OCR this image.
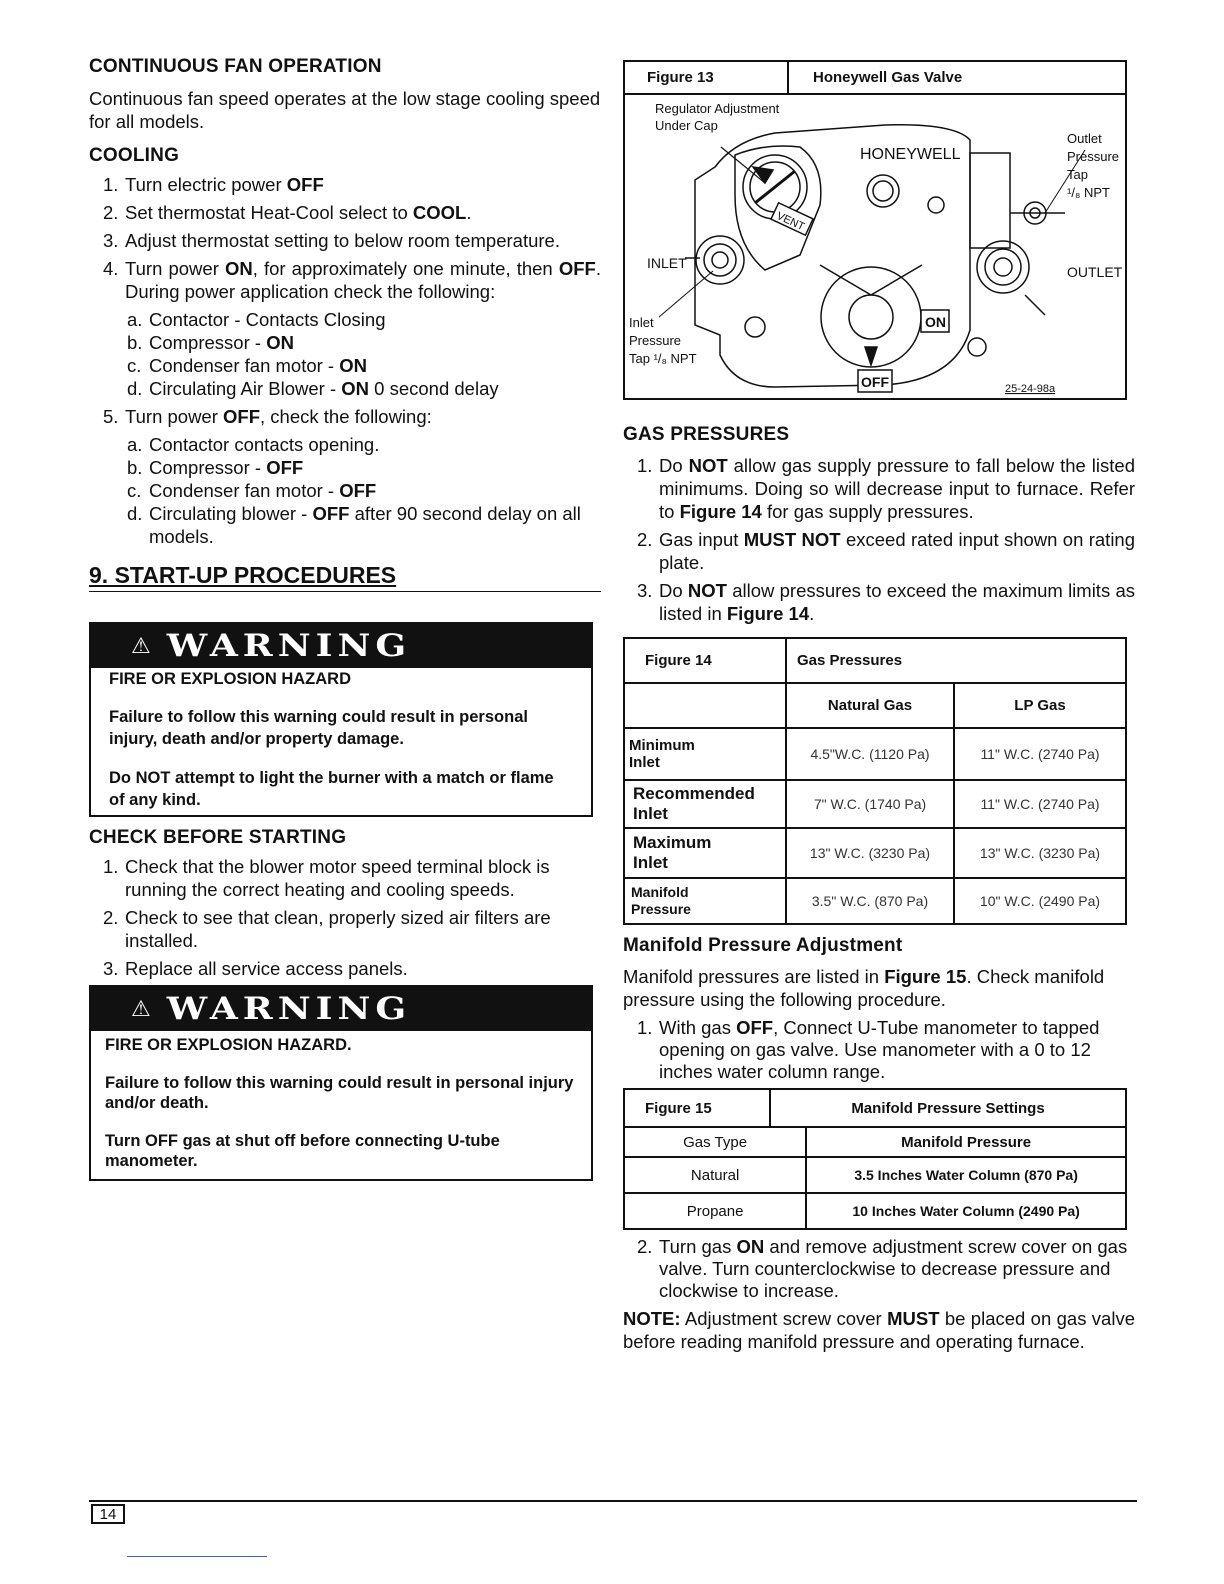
CONTINUOUS FAN OPERATION

Continuous fan speed operates at the low stage cooling speed for all models.

COOLING
1. Turn electric power OFF
2. Set thermostat Heat-Cool select to COOL.
3. Adjust thermostat setting to below room temperature.
4. Turn power ON, for approximately one minute, then OFF. During power application check the following:
a. Contactor - Contacts Closing
b. Compressor - ON
c. Condenser fan motor - ON
d. Circulating Air Blower - ON 0 second delay
5. Turn power OFF, check the following:
a. Contactor contacts opening.
b. Compressor - OFF
c. Condenser fan motor - OFF
d. Circulating blower - OFF after 90 second delay on all models.
9. START-UP PROCEDURES
⚠ WARNING

FIRE OR EXPLOSION HAZARD

Failure to follow this warning could result in personal injury, death and/or property damage.

Do NOT attempt to light the burner with a match or flame of any kind.

CHECK BEFORE STARTING
1. Check that the blower motor speed terminal block is running the correct heating and cooling speeds.
2. Check to see that clean, properly sized air filters are installed.
3. Replace all service access panels.
⚠ WARNING

FIRE OR EXPLOSION HAZARD.

Failure to follow this warning could result in personal injury and/or death.

Turn OFF gas at shut off before connecting U-tube manometer.

Figure 13	Honeywell Gas Valve
VENT
HONEYWELL
ON
OFF
INLET
Inlet
Pressure
Tap ¹/₈ NPT
Regulator Adjustment
Under Cap
Outlet
Pressure
Tap
¹/₈ NPT
OUTLET
25-24-98a
GAS PRESSURES
1. Do NOT allow gas supply pressure to fall below the listed minimums. Doing so will decrease input to furnace. Refer to Figure 14 for gas supply pressures.
2. Gas input MUST NOT exceed rated input shown on rating plate.
3. Do NOT allow pressures to exceed the maximum limits as listed in Figure 14.
Figure 14	Gas Pressures	
	Natural Gas	LP Gas

Minimum
Inlet	4.5"W.C. (1120 Pa)	11" W.C. (2740 Pa)

Recommended
Inlet	7" W.C. (1740 Pa)	11" W.C. (2740 Pa)

Maximum
Inlet	13" W.C. (3230 Pa)	13" W.C. (3230 Pa)

Manifold
Pressure	3.5" W.C. (870 Pa)	10" W.C. (2490 Pa)
Manifold Pressure Adjustment

Manifold pressures are listed in Figure 15. Check manifold pressure using the following procedure.

1. With gas OFF, Connect U-Tube manometer to tapped opening on gas valve. Use manometer with a 0 to 12 inches water column range.
Figure 15	Manifold Pressure Settings	
Gas Type		Manifold Pressure
Natural		3.5 Inches Water Column (870 Pa)
Propane		10 Inches Water Column (2490 Pa)
2. Turn gas ON and remove adjustment screw cover on gas valve. Turn counterclockwise to decrease pressure and clockwise to increase.

NOTE: Adjustment screw cover MUST be placed on gas valve before reading manifold pressure and operating furnace.

14
